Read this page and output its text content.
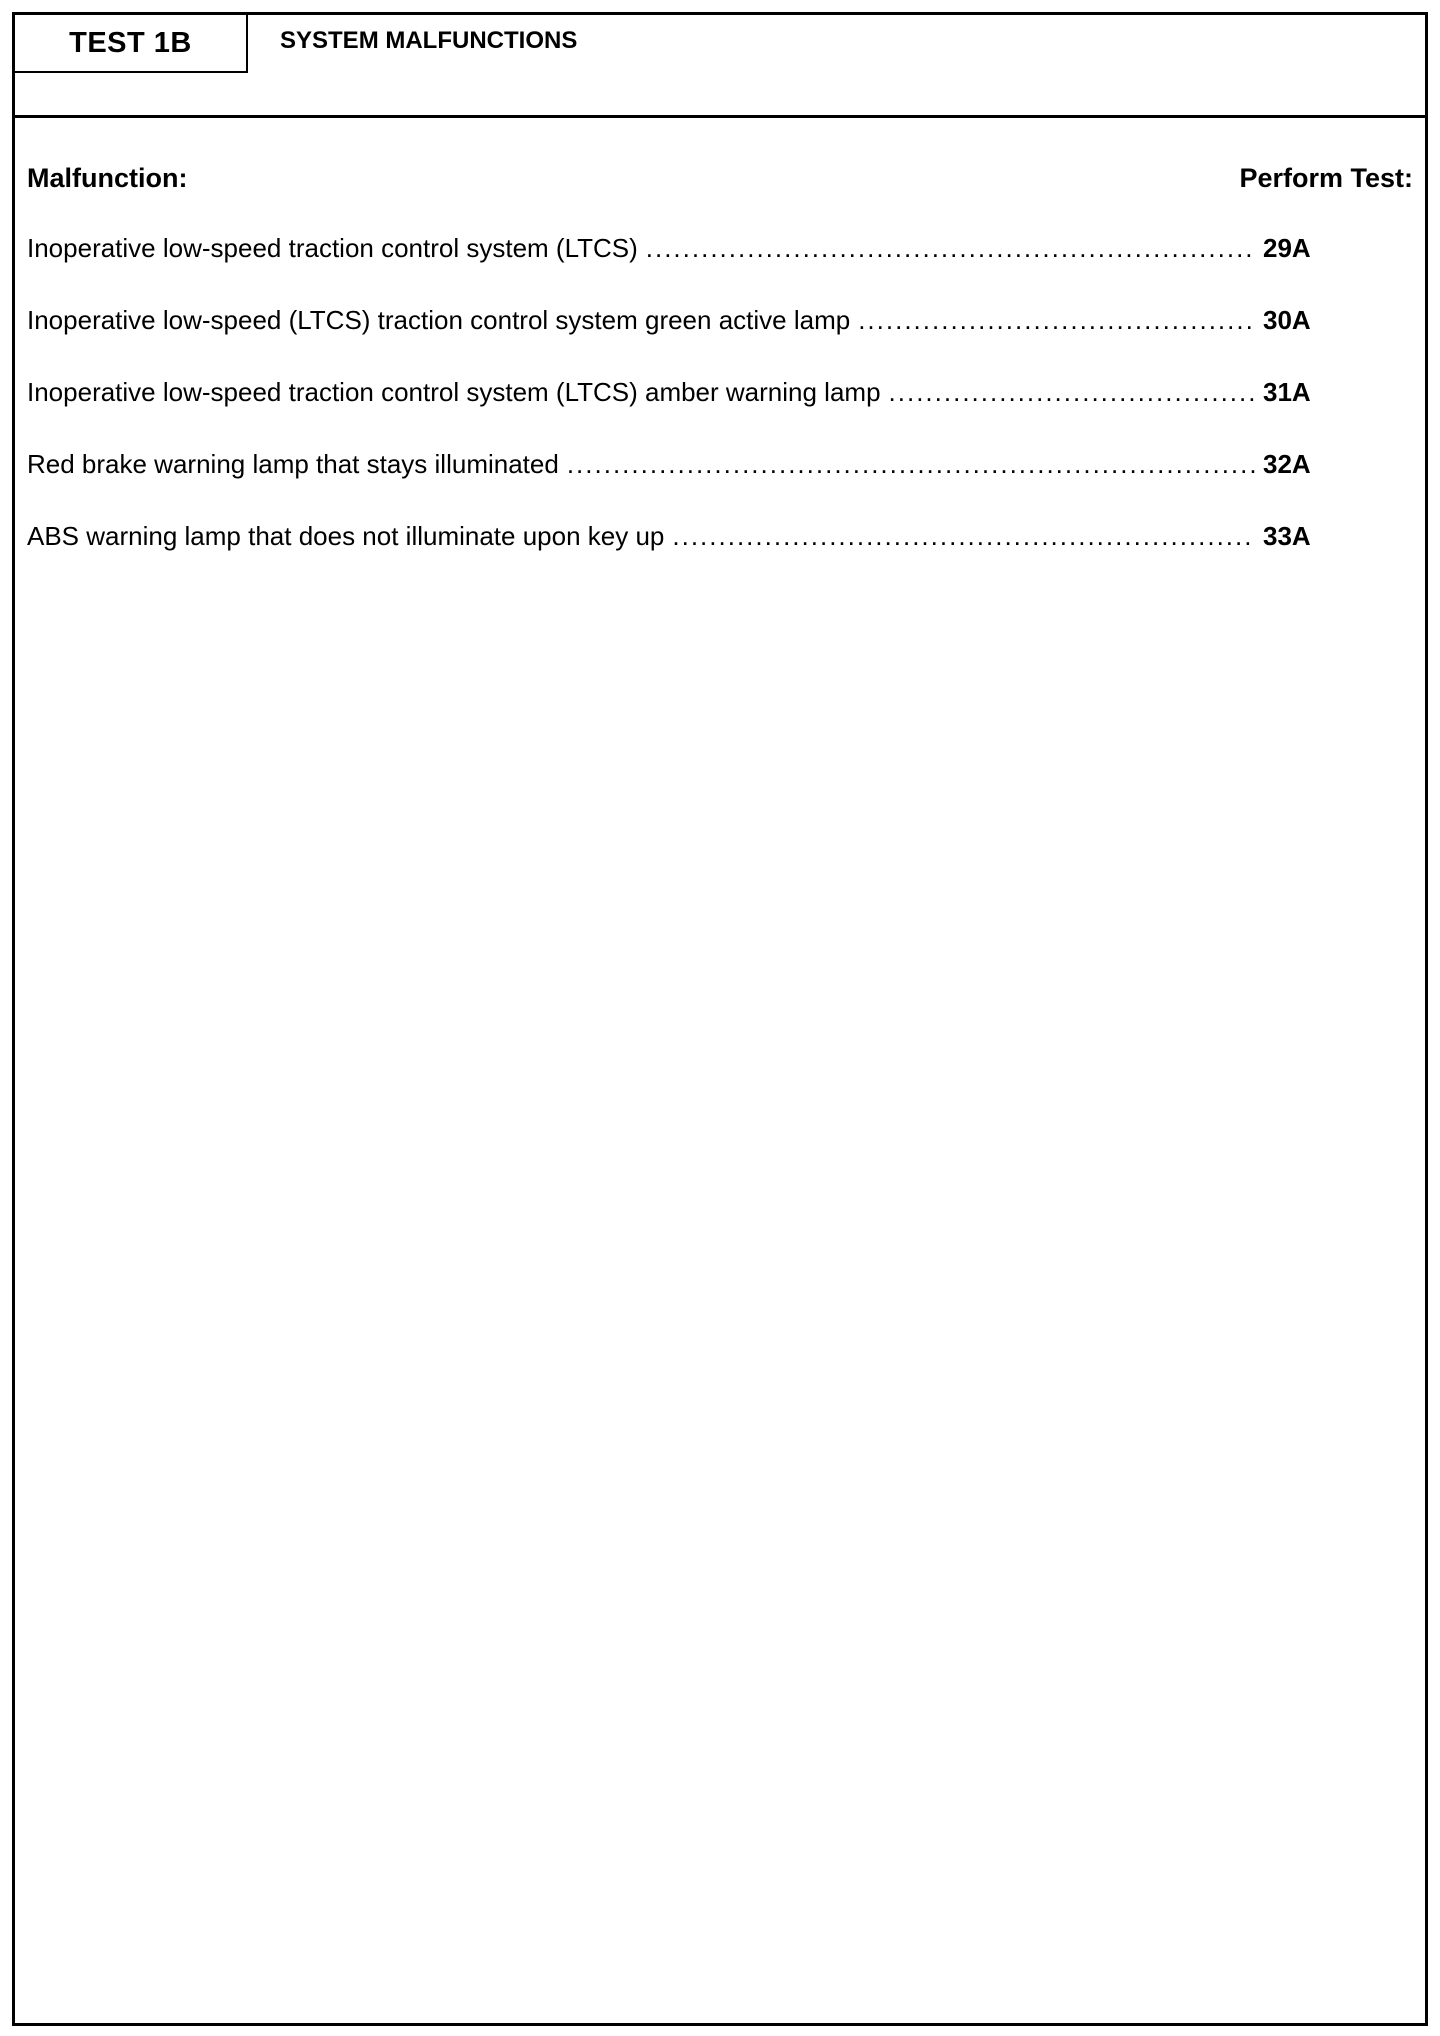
TEST 1B	SYSTEM MALFUNCTIONS
Malfunction:	Perform Test:
Inoperative low-speed traction control system (LTCS) .....	29A
Inoperative low-speed (LTCS) traction control system green active lamp .....	30A
Inoperative low-speed traction control system (LTCS) amber warning lamp .....	31A
Red brake warning lamp that stays illuminated .....	32A
ABS warning lamp that does not illuminate upon key up .....	33A
